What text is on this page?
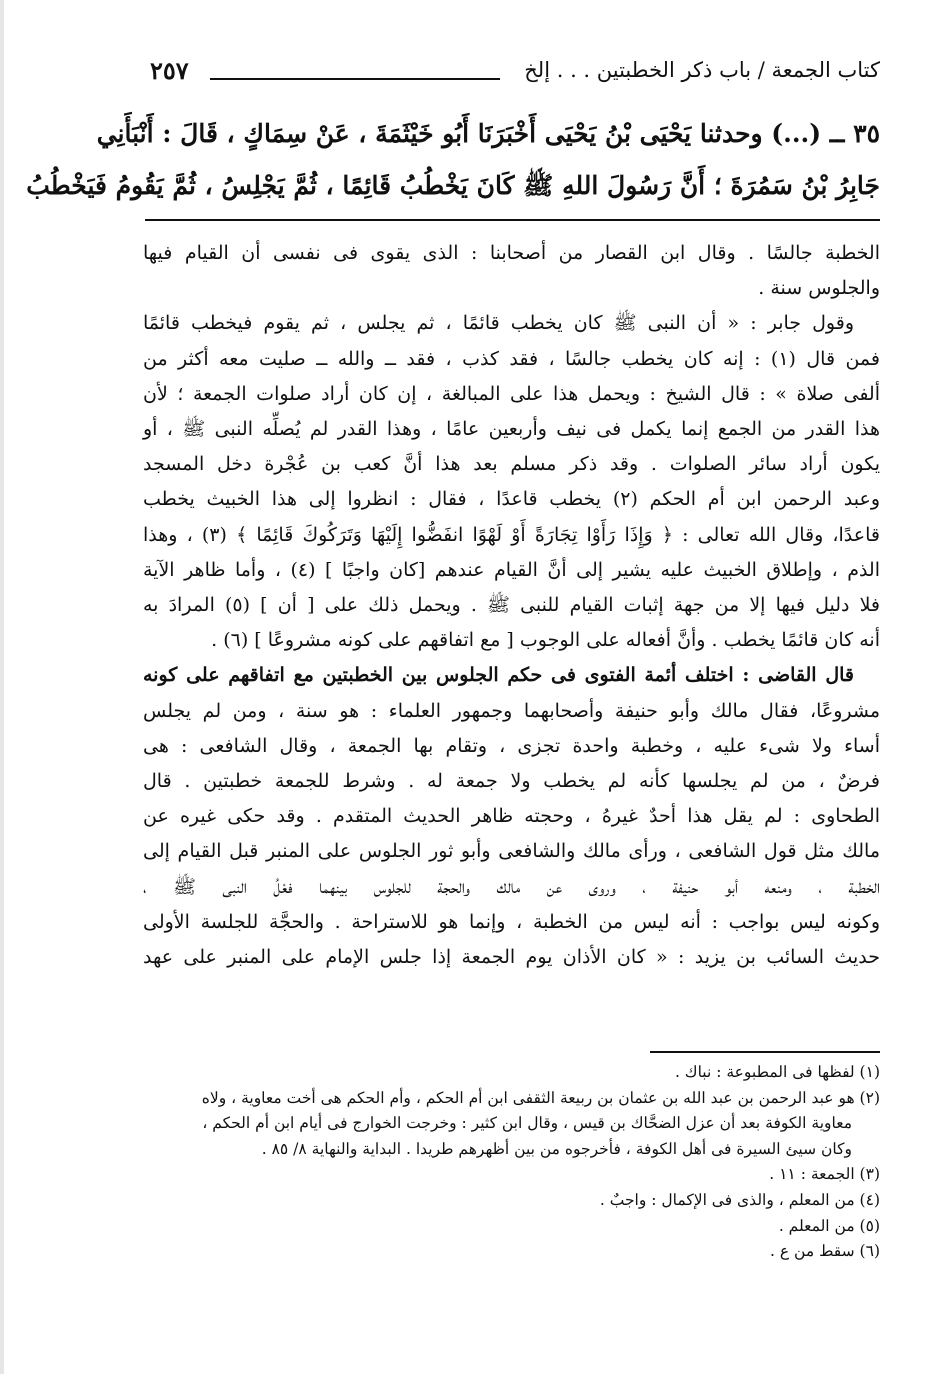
كتاب الجمعة / باب ذكر الخطبتين . . . إلخ
٢٥٧
٣٥ ــ (...) وحدثنا يَحْيَى بْنُ يَحْيَى أَخْبَرَنَا أَبُو خَيْثَمَةَ ، عَنْ سِمَاكٍ ، قَالَ : أَنْبَأَنِي
جَابِرُ بْنُ سَمُرَةَ ؛ أَنَّ رَسُولَ اللهِ ﷺ كَانَ يَخْطُبُ قَائِمًا ، ثُمَّ يَجْلِسُ ، ثُمَّ يَقُومُ فَيَخْطُبُ
الخطبة جالسًا . وقال ابن القصار من أصحابنا : الذى يقوى فى نفسى أن القيام فيها
والجلوس سنة .
وقول جابر : « أن النبى ﷺ كان يخطب قائمًا ، ثم يجلس ، ثم يقوم فيخطب قائمًا
فمن قال (١) : إنه كان يخطب جالسًا ، فقد كذب ، فقد ــ والله ــ صليت معه أكثر من
ألفى صلاة » : قال الشيخ : ويحمل هذا على المبالغة ، إن كان أراد صلوات الجمعة ؛ لأن
هذا القدر من الجمع إنما يكمل فى نيف وأربعين عامًا ، وهذا القدر لم يُصلِّه النبى ﷺ ، أو
يكون أراد سائر الصلوات . وقد ذكر مسلم بعد هذا أنَّ كعب بن عُجْرة دخل المسجد
وعبد الرحمن ابن أم الحكم (٢) يخطب قاعدًا ، فقال : انظروا إلى هذا الخبيث يخطب
قاعدًا، وقال الله تعالى : ﴿ وَإِذَا رَأَوْا تِجَارَةً أَوْ لَهْوًا انفَضُّوا إِلَيْهَا وَتَرَكُوكَ قَائِمًا ﴾ (٣) ، وهذا
الذم ، وإطلاق الخبيث عليه يشير إلى أنَّ القيام عندهم [كان واجبًا ] (٤) ، وأما ظاهر الآية
فلا دليل فيها إلا من جهة إثبات القيام للنبى ﷺ . ويحمل ذلك على [ أن ] (٥) المرادَ به
أنه كان قائمًا يخطب . وأنَّ أفعاله على الوجوب [ مع اتفاقهم على كونه مشروعًا ] (٦) .
قال القاضى : اختلف أئمة الفتوى فى حكم الجلوس بين الخطبتين مع اتفاقهم على كونه
مشروعًا، فقال مالك وأبو حنيفة وأصحابهما وجمهور العلماء : هو سنة ، ومن لم يجلس
أساء ولا شىء عليه ، وخطبة واحدة تجزى ، وتقام بها الجمعة ، وقال الشافعى : هى
فرضٌ ، من لم يجلسها كأنه لم يخطب ولا جمعة له . وشرط للجمعة خطبتين . قال
الطحاوى : لم يقل هذا أحدٌ غيرهُ ، وحجته ظاهر الحديث المتقدم . وقد حكى غيره عن
مالك مثل قول الشافعى ، ورأى مالك والشافعى وأبو ثور الجلوس على المنبر قبل القيام إلى
الخطبة ، ومنعه أبو حنيفة ، وروى عن مالك والحجة للجلوس بينهما فعْلُ النبى ﷺ ،
وكونه ليس بواجب : أنه ليس من الخطبة ، وإنما هو للاستراحة . والحجَّة للجلسة الأولى
حديث السائب بن يزيد : « كان الأذان يوم الجمعة إذا جلس الإمام على المنبر على عهد
(١) لفظها فى المطبوعة : نباك .
(٢) هو عبد الرحمن بن عبد الله بن عثمان بن ربيعة الثقفى ابن أم الحكم ، وأم الحكم هى أخت معاوية ، ولاه
معاوية الكوفة بعد أن عزل الضحَّاك بن قيس ، وقال ابن كثير : وخرجت الخوارج فى أيام ابن أم الحكم ،
وكان سيئ السيرة فى أهل الكوفة ، فأخرجوه من بين أظهرهم طريدا . البداية والنهاية ٨/ ٨٥ .
(٣) الجمعة : ١١ .
(٤) من المعلم ، والذى فى الإكمال : واجبٌ .
(٥) من المعلم .
(٦) سقط من ع .
